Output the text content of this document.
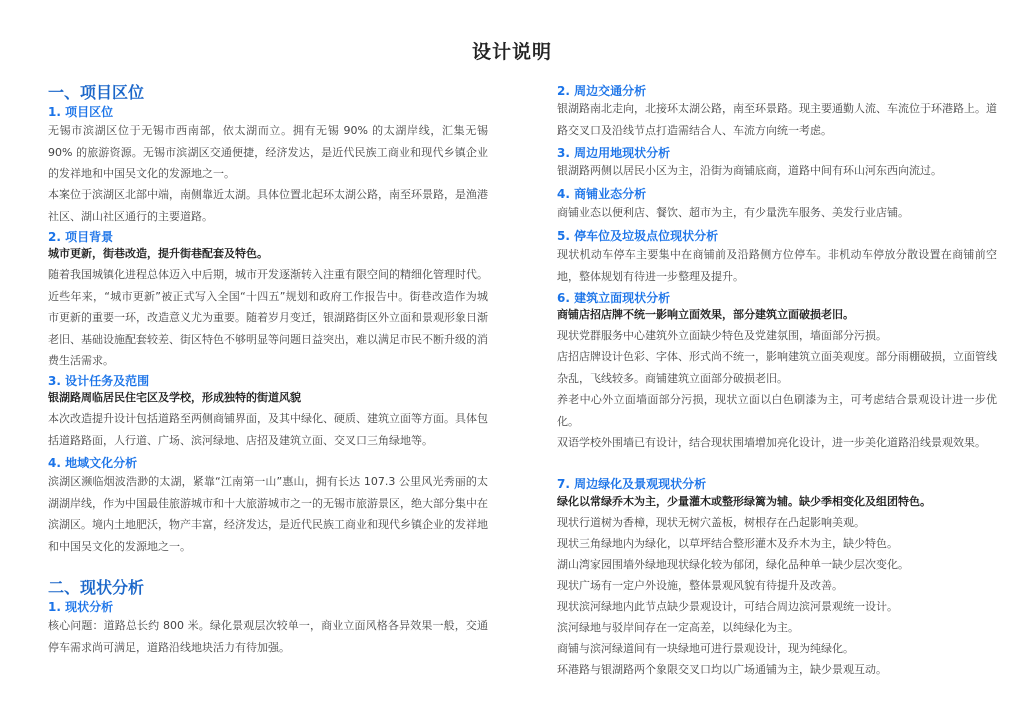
设计说明
一、项目区位
1. 项目区位
无锡市滨湖区位于无锡市西南部，依太湖而立。拥有无锡 90% 的太湖岸线，汇集无锡 90% 的旅游资源。无锡市滨湖区交通便捷，经济发达，是近代民族工商业和现代乡镇企业的发祥地和中国吴文化的发源地之一。
本案位于滨湖区北部中端，南侧靠近太湖。具体位置北起环太湖公路，南至环景路，是渔港社区、湖山社区通行的主要道路。
2. 项目背景
城市更新，街巷改造，提升街巷配套及特色。
随着我国城镇化进程总体迈入中后期，城市开发逐渐转入注重有限空间的精细化管理时代。近些年来，“城市更新”被正式写入全国“十四五”规划和政府工作报告中。街巷改造作为城市更新的重要一环，改造意义尤为重要。随着岁月变迁，银湖路街区外立面和景观形象日渐老旧、基础设施配套较差、街区特色不够明显等问题日益突出，难以满足市民不断升级的消费生活需求。
3. 设计任务及范围
银湖路周临居民住宅区及学校，形成独特的街道风貌
本次改造提升设计包括道路至两侧商铺界面，及其中绿化、硬质、建筑立面等方面。具体包括道路路面，人行道、广场、滨河绿地、店招及建筑立面、交叉口三角绿地等。
4. 地域文化分析
滨湖区濒临烟波浩渺的太湖，紧靠“江南第一山”惠山，拥有长达 107.3 公里风光秀丽的太湖湖岸线，作为中国最佳旅游城市和十大旅游城市之一的无锡市旅游景区，绝大部分集中在滨湖区。境内土地肥沃，物产丰富，经济发达，是近代民族工商业和现代乡镇企业的发祥地和中国吴文化的发源地之一。
二、现状分析
1. 现状分析
核心问题：道路总长约 800 米。绿化景观层次较单一，商业立面风格各异效果一般，交通停车需求尚可满足，道路沿线地块活力有待加强。
2. 周边交通分析
银湖路南北走向，北接环太湖公路，南至环景路。现主要通勤人流、车流位于环港路上。道路交叉口及沿线节点打造需结合人、车流方向统一考虑。
3. 周边用地现状分析
银湖路两侧以居民小区为主，沿街为商铺底商，道路中间有环山河东西向流过。
4. 商铺业态分析
商铺业态以便利店、餐饮、超市为主，有少量洗车服务、美发行业店铺。
5. 停车位及垃圾点位现状分析
现状机动车停车主要集中在商铺前及沿路侧方位停车。非机动车停放分散设置在商铺前空地，整体规划有待进一步整理及提升。
6. 建筑立面现状分析
商铺店招店牌不统一影响立面效果，部分建筑立面破损老旧。
现状党群服务中心建筑外立面缺少特色及党建氛围，墙面部分污损。
店招店牌设计色彩、字体、形式尚不统一，影响建筑立面美观度。部分雨棚破损，立面管线杂乱，飞线较多。商铺建筑立面部分破损老旧。
养老中心外立面墙面部分污损，现状立面以白色刷漆为主，可考虑结合景观设计进一步优化。
双语学校外围墙已有设计，结合现状围墙增加亮化设计，进一步美化道路沿线景观效果。
7. 周边绿化及景观现状分析
绿化以常绿乔木为主，少量灌木或整形绿篱为辅。缺少季相变化及组团特色。
现状行道树为香樟，现状无树穴盖板，树根存在凸起影响美观。
现状三角绿地内为绿化，以草坪结合整形灌木及乔木为主，缺少特色。
湖山湾家园围墙外绿地现状绿化较为郁闭，绿化品种单一缺少层次变化。
现状广场有一定户外设施，整体景观风貌有待提升及改善。
现状滨河绿地内此节点缺少景观设计，可结合周边滨河景观统一设计。
滨河绿地与驳岸间存在一定高差，以纯绿化为主。
商铺与滨河绿道间有一块绿地可进行景观设计，现为纯绿化。
环港路与银湖路两个象限交叉口均以广场通铺为主，缺少景观互动。
